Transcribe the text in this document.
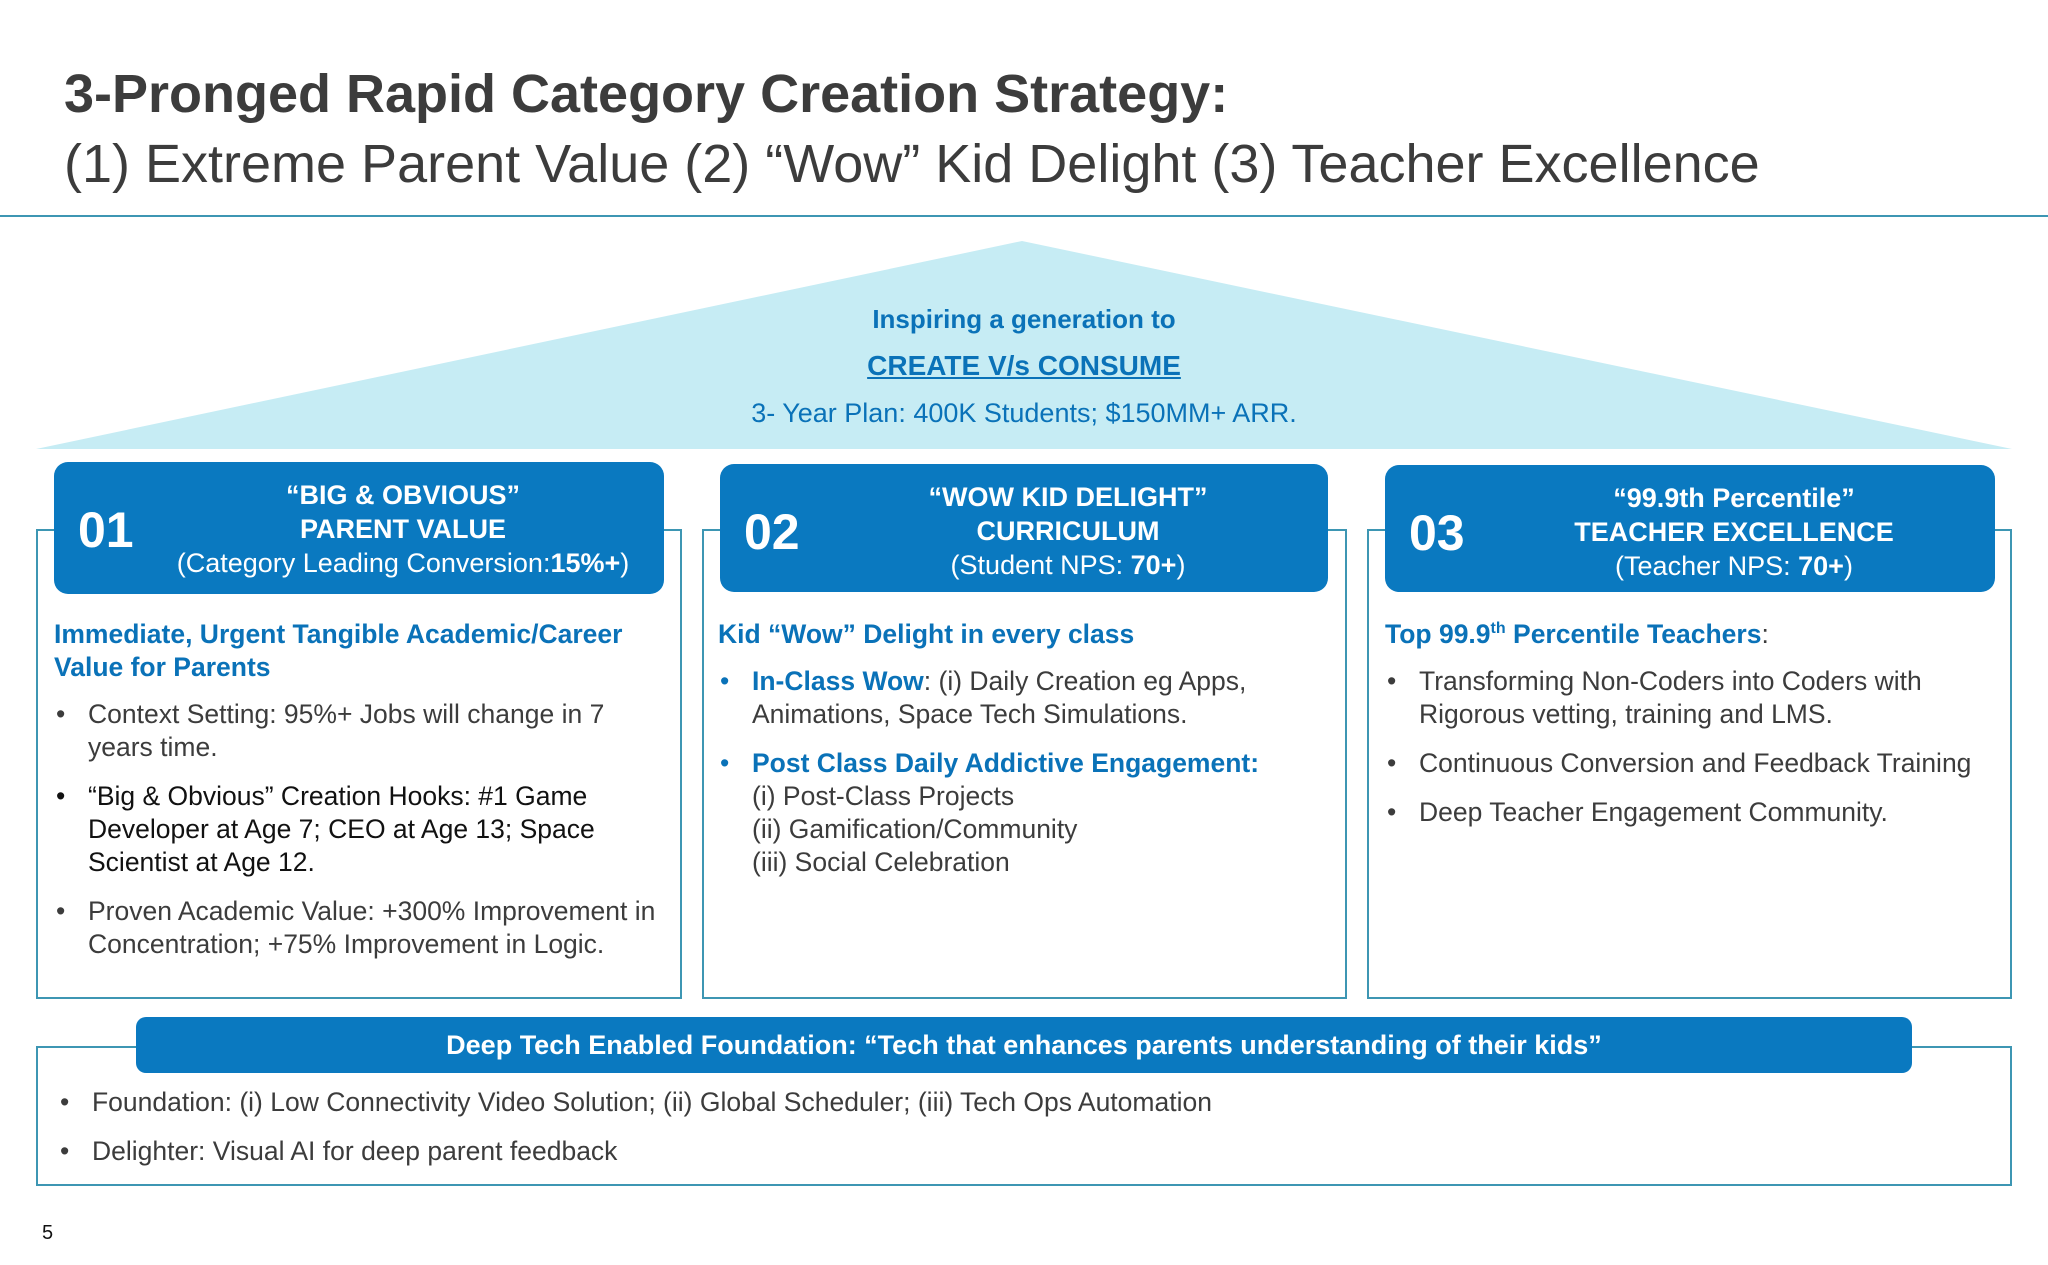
3-Pronged Rapid Category Creation Strategy:
(1) Extreme Parent Value (2) “Wow” Kid Delight (3) Teacher Excellence
Inspiring a generation to
CREATE V/s CONSUME
3- Year Plan: 400K Students; $150MM+ ARR.
01
“BIG & OBVIOUS”
PARENT VALUE
(Category Leading Conversion:15%+)
Immediate, Urgent Tangible Academic/Career Value for Parents
• Context Setting: 95%+ Jobs will change in 7 years time.
• “Big & Obvious” Creation Hooks: #1 Game Developer at Age 7; CEO at Age 13; Space Scientist at Age 12.
• Proven Academic Value: +300% Improvement in Concentration; +75% Improvement in Logic.
02
“WOW KID DELIGHT”
CURRICULUM
(Student NPS: 70+)
Kid “Wow” Delight in every class
• In-Class Wow: (i) Daily Creation eg Apps, Animations, Space Tech Simulations.
• Post Class Daily Addictive Engagement:
(i) Post-Class Projects
(ii) Gamification/Community
(iii) Social Celebration
03
“99.9th Percentile”
TEACHER EXCELLENCE
(Teacher NPS: 70+)
Top 99.9th Percentile Teachers:
• Transforming Non-Coders into Coders with Rigorous vetting, training and LMS.
• Continuous Conversion and Feedback Training
• Deep Teacher Engagement Community.
Deep Tech Enabled Foundation: “Tech that enhances parents understanding of their kids”
• Foundation: (i) Low Connectivity Video Solution; (ii) Global Scheduler; (iii) Tech Ops Automation
• Delighter: Visual AI for deep parent feedback
5
